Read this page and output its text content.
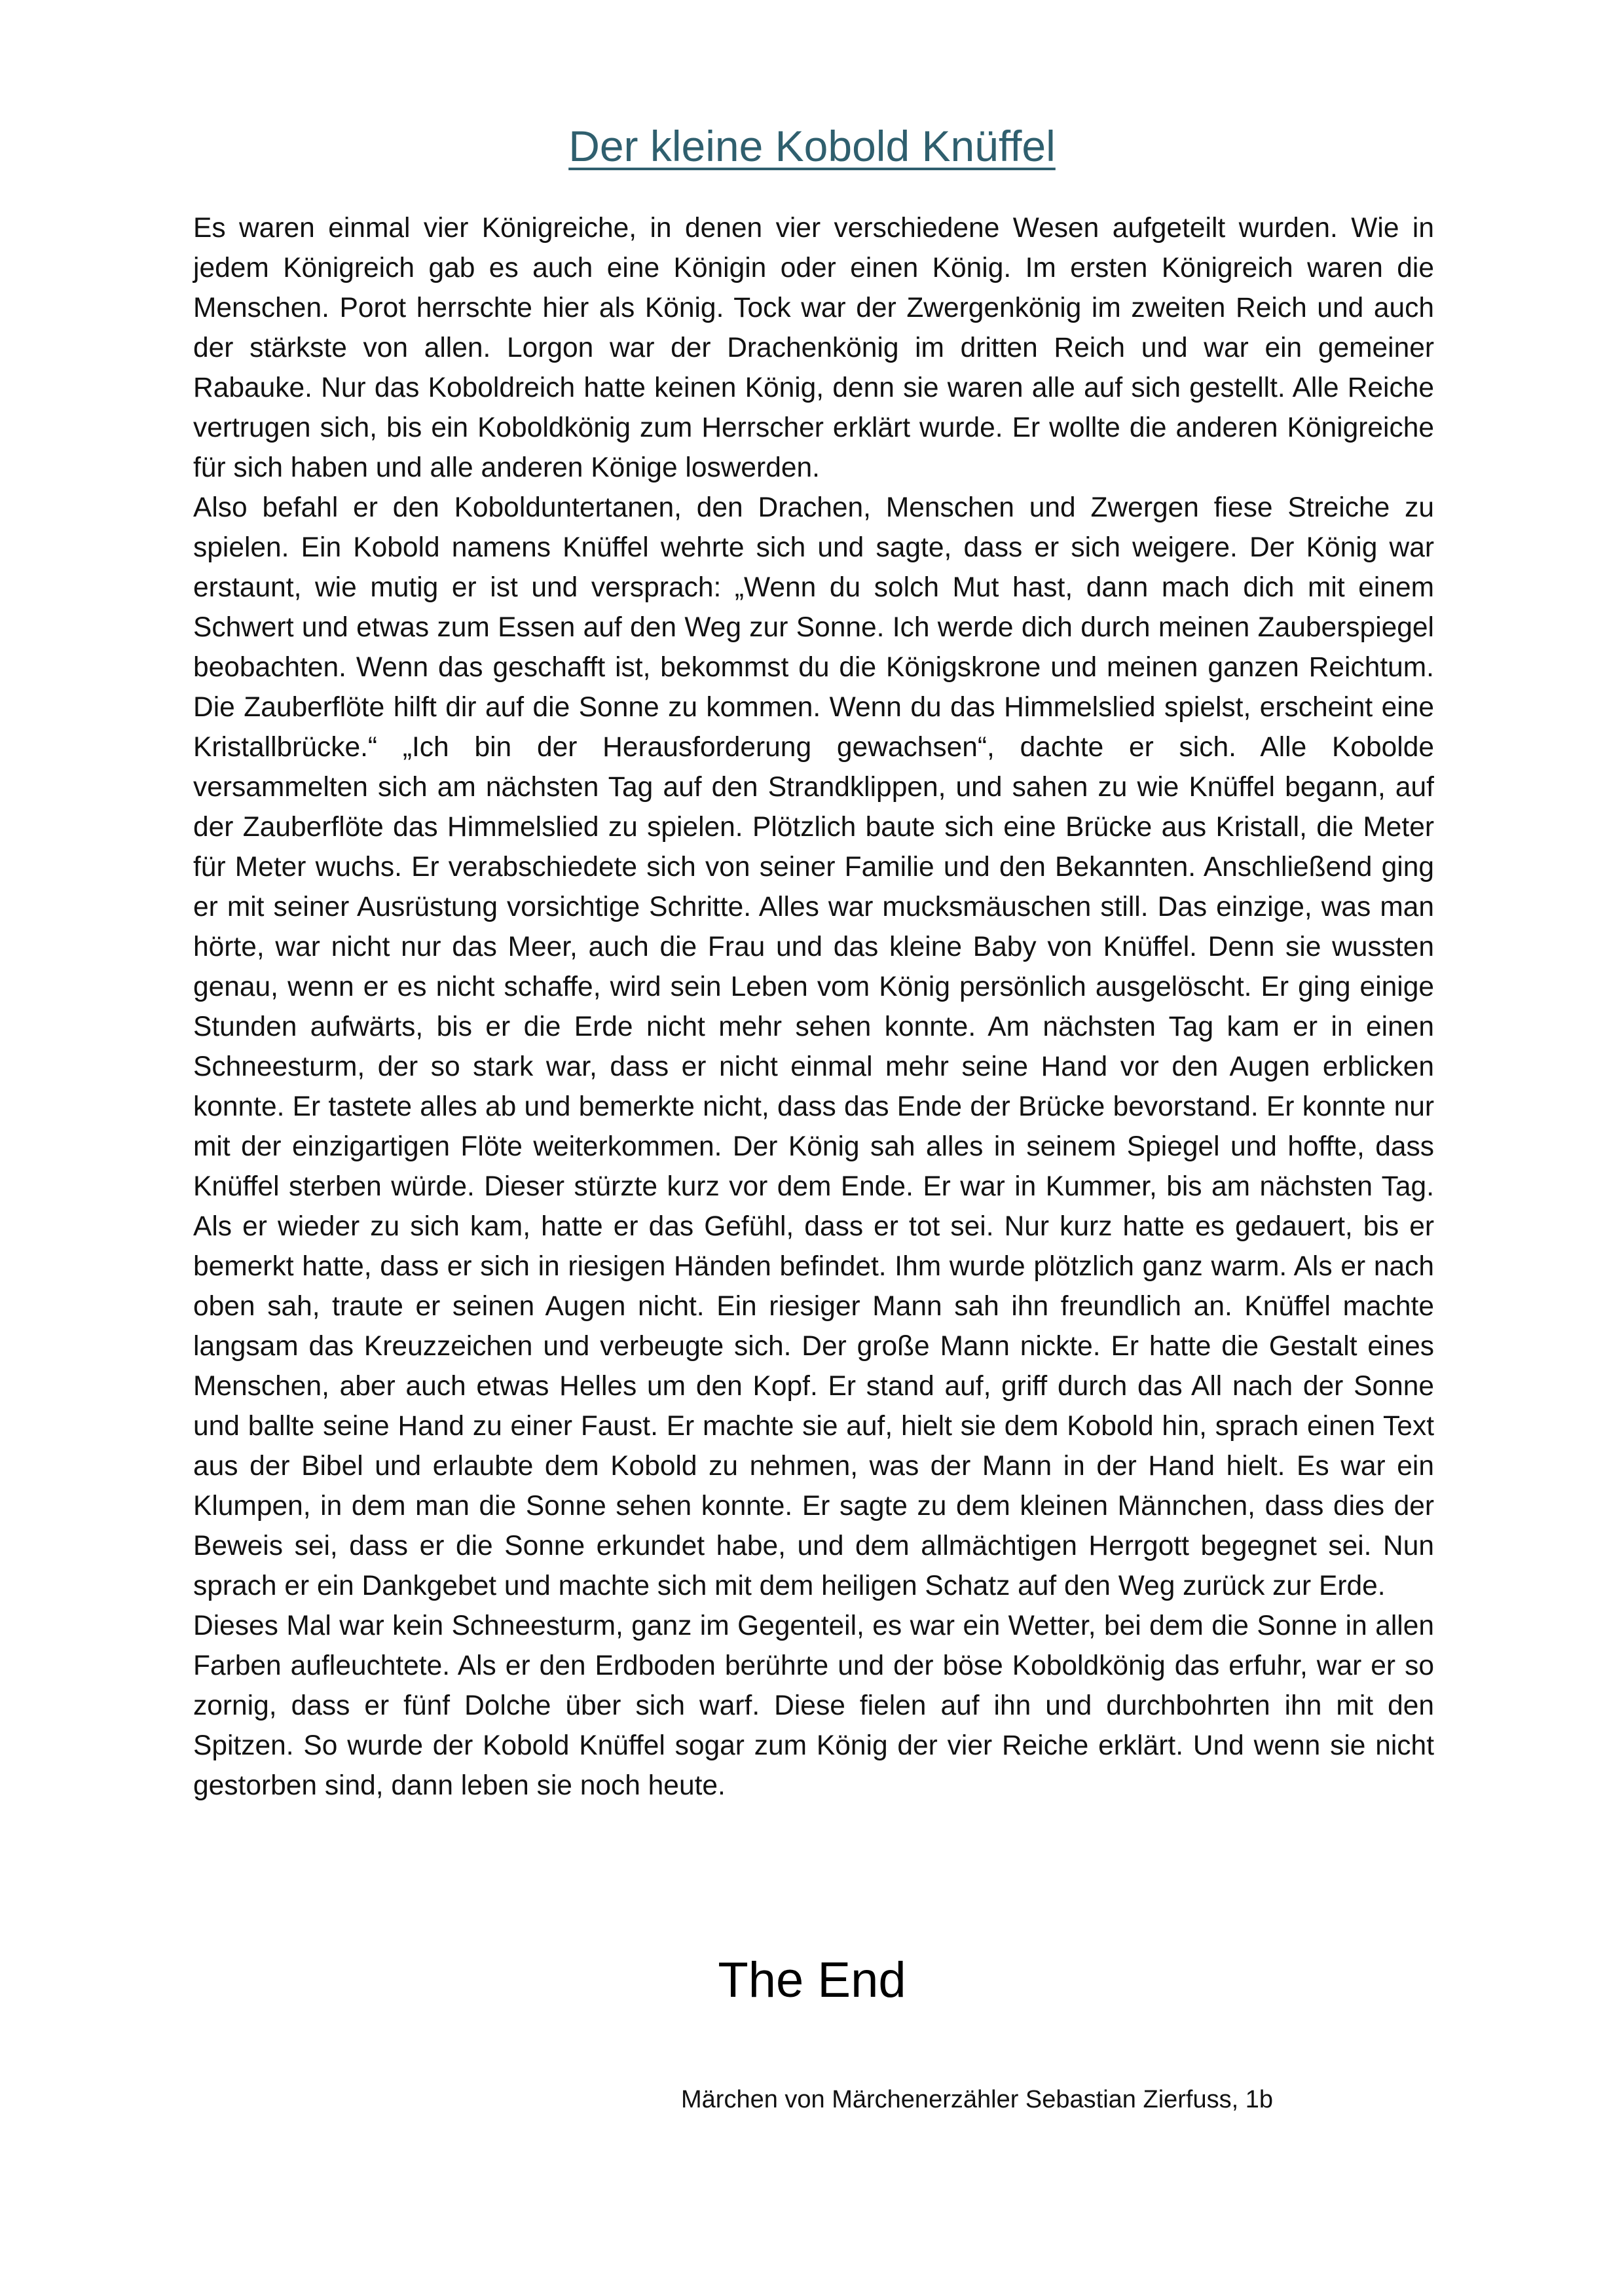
Der kleine Kobold Knüffel

Es waren einmal vier Königreiche, in denen vier verschiedene Wesen aufgeteilt wurden. Wie in jedem Königreich gab es auch eine Königin oder einen König. Im ersten Königreich waren die Menschen. Porot herrschte hier als König. Tock war der Zwergenkönig im zweiten Reich und auch der stärkste von allen. Lorgon war der Drachenkönig im dritten Reich und war ein gemeiner Rabauke. Nur das Koboldreich hatte keinen König, denn sie waren alle auf sich gestellt. Alle Reiche vertrugen sich, bis ein Koboldkönig zum Herrscher erklärt wurde. Er wollte die anderen Königreiche für sich haben und alle anderen Könige loswerden.

Also befahl er den Kobolduntertanen, den Drachen, Menschen und Zwergen fiese Streiche zu spielen. Ein Kobold namens Knüffel wehrte sich und sagte, dass er sich weigere. Der König war erstaunt, wie mutig er ist und versprach: „Wenn du solch Mut hast, dann mach dich mit einem Schwert und etwas zum Essen auf den Weg zur Sonne. Ich werde dich durch meinen Zauberspiegel beobachten. Wenn das geschafft ist, bekommst du die Königskrone und meinen ganzen Reichtum. Die Zauberflöte hilft dir auf die Sonne zu kommen. Wenn du das Himmelslied spielst, erscheint eine Kristallbrücke.“ „Ich bin der Herausforderung gewachsen“, dachte er sich. Alle Kobolde versammelten sich am nächsten Tag auf den Strandklippen, und sahen zu wie Knüffel begann, auf der Zauberflöte das Himmelslied zu spielen. Plötzlich baute sich eine Brücke aus Kristall, die Meter für Meter wuchs. Er verabschiedete sich von seiner Familie und den Bekannten. Anschließend ging er mit seiner Ausrüstung vorsichtige Schritte. Alles war mucksmäuschen still. Das einzige, was man hörte, war nicht nur das Meer, auch die Frau und das kleine Baby von Knüffel. Denn sie wussten genau, wenn er es nicht schaffe, wird sein Leben vom König persönlich ausgelöscht. Er ging einige Stunden aufwärts, bis er die Erde nicht mehr sehen konnte. Am nächsten Tag kam er in einen Schneesturm, der so stark war, dass er nicht einmal mehr seine Hand vor den Augen erblicken konnte. Er tastete alles ab und bemerkte nicht, dass das Ende der Brücke bevorstand. Er konnte nur mit der einzigartigen Flöte weiterkommen. Der König sah alles in seinem Spiegel und hoffte, dass Knüffel sterben würde. Dieser stürzte kurz vor dem Ende. Er war in Kummer, bis am nächsten Tag. Als er wieder zu sich kam, hatte er das Gefühl, dass er tot sei. Nur kurz hatte es gedauert, bis er bemerkt hatte, dass er sich in riesigen Händen befindet. Ihm wurde plötzlich ganz warm. Als er nach oben sah, traute er seinen Augen nicht. Ein riesiger Mann sah ihn freundlich an. Knüffel machte langsam das Kreuzzeichen und verbeugte sich. Der große Mann nickte. Er hatte die Gestalt eines Menschen, aber auch etwas Helles um den Kopf. Er stand auf, griff durch das All nach der Sonne und ballte seine Hand zu einer Faust. Er machte sie auf, hielt sie dem Kobold hin, sprach einen Text aus der Bibel und erlaubte dem Kobold zu nehmen, was der Mann in der Hand hielt. Es war ein Klumpen, in dem man die Sonne sehen konnte. Er sagte zu dem kleinen Männchen, dass dies der Beweis sei, dass er die Sonne erkundet habe, und dem allmächtigen Herrgott begegnet sei. Nun sprach er ein Dankgebet und machte sich mit dem heiligen Schatz auf den Weg zurück zur Erde.

Dieses Mal war kein Schneesturm, ganz im Gegenteil, es war ein Wetter, bei dem die Sonne in allen Farben aufleuchtete. Als er den Erdboden berührte und der böse Koboldkönig das erfuhr, war er so zornig, dass er fünf Dolche über sich warf. Diese fielen auf ihn und durchbohrten ihn mit den Spitzen. So wurde der Kobold Knüffel sogar zum König der vier Reiche erklärt. Und wenn sie nicht gestorben sind, dann leben sie noch heute.

The End
Märchen von Märchenerzähler Sebastian Zierfuss, 1b
